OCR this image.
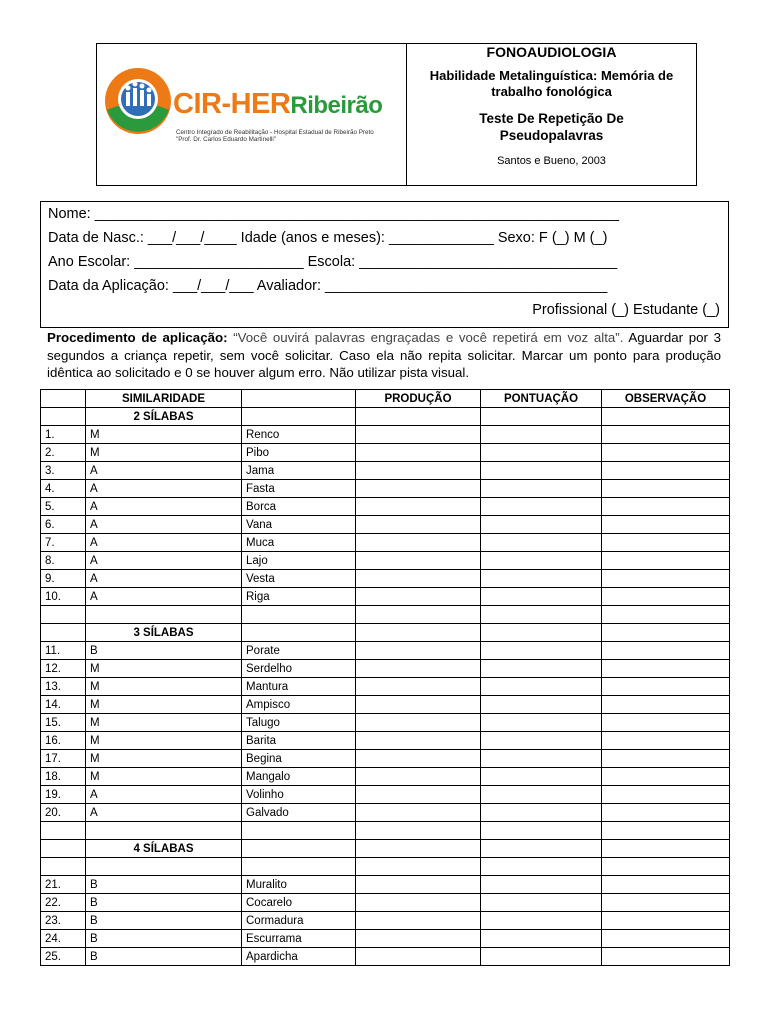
CIR-HERRibeirão
Centro Integrado de Reabilitação - Hospital Estadual de Ribeirão Preto
"Prof. Dr. Carlos Eduardo Martinelli"
FONOAUDIOLOGIA
Habilidade Metalinguística: Memória de trabalho fonológica
Teste De Repetição De Pseudopalavras
Santos e Bueno, 2003
Nome: _________________________________________________________________
Data de Nasc.: ___/___/____ Idade (anos e meses): _____________ Sexo: F (_) M (_)
Ano Escolar: _____________________ Escola: ________________________________
Data da Aplicação: ___/___/___ Avaliador: ___________________________________
Profissional (_) Estudante (_)
Procedimento de aplicação: “Você ouvirá palavras engraçadas e você repetirá em voz alta”. Aguardar por 3 segundos a criança repetir, sem você solicitar. Caso ela não repita solicitar. Marcar um ponto para produção idêntica ao solicitado e 0 se houver algum erro. Não utilizar pista visual.
	SIMILARIDADE		PRODUÇÃO	PONTUAÇÃO	OBSERVAÇÃO
	2 SÍLABAS				
1.	M	Renco			
2.	M	Pibo			
3.	A	Jama			
4.	A	Fasta			
5.	A	Borca			
6.	A	Vana			
7.	A	Muca			
8.	A	Lajo			
9.	A	Vesta			
10.	A	Riga			

	3 SÍLABAS				
11.	B	Porate			
12.	M	Serdelho			
13.	M	Mantura			
14.	M	Ampisco			
15.	M	Talugo			
16.	M	Barita			
17.	M	Begina			
18.	M	Mangalo			
19.	A	Volinho			
20.	A	Galvado			

	4 SÍLABAS				

21.	B	Muralito			
22.	B	Cocarelo			
23.	B	Cormadura			
24.	B	Escurrama			
25.	B	Apardicha			
